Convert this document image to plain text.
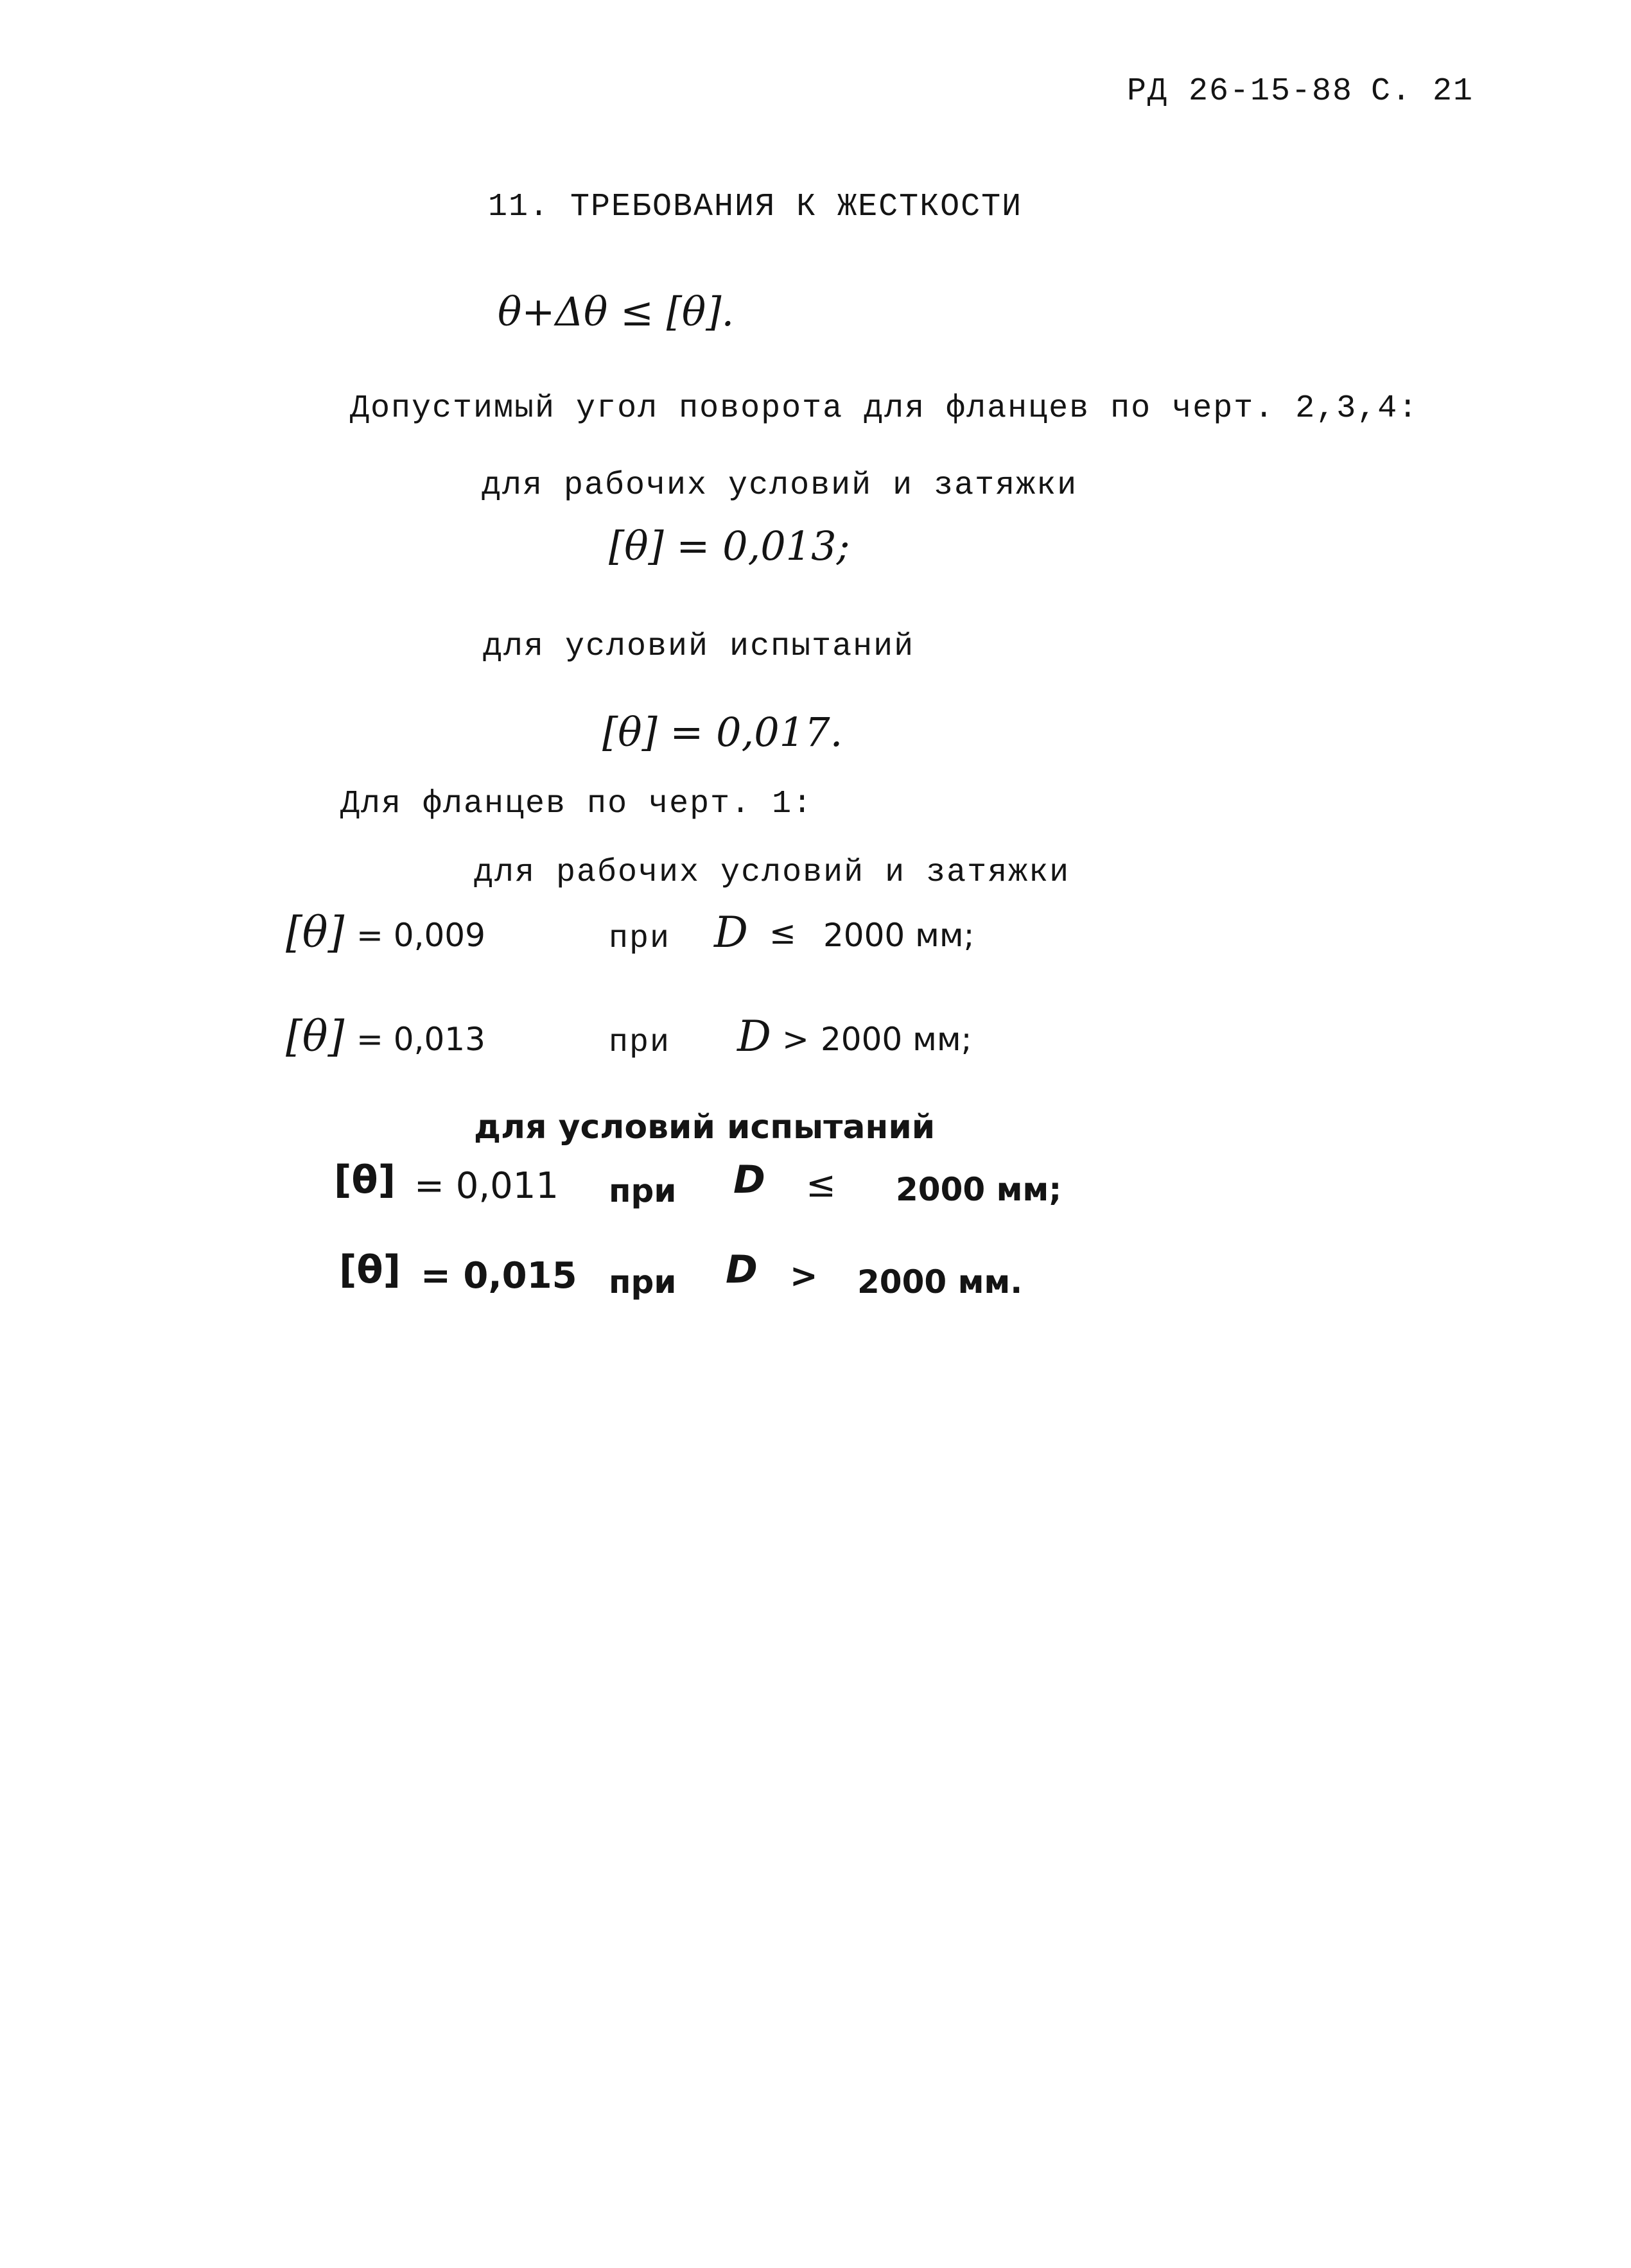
РД 26-15-88 С. 21
11. ТРЕБОВАНИЯ К ЖЕСТКОСТИ
θ+Δθ ≤ [θ].
Допустимый угол поворота для фланцев по черт. 2,3,4:
для рабочих условий и затяжки
[θ] = 0,013;
для условий испытаний
[θ] = 0,017.
Для фланцев по черт. 1:
для рабочих условий и затяжки
[θ] = 0,009	при D ≤ 2000 мм;
[θ] = 0,013	при D > 2000 мм;
для условий испытаний
[θ] = 0,011 при D ≤ 2000 мм;
[θ] = 0,015 при D > 2000 мм.
